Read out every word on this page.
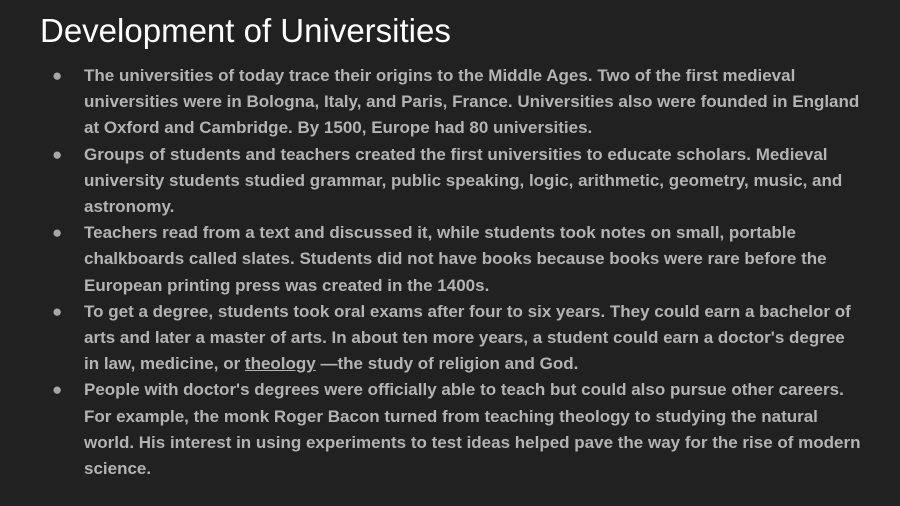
Development of Universities
● The universities of today trace their origins to the Middle Ages. Two of the first medieval universities were in Bologna, Italy, and Paris, France. Universities also were founded in England at Oxford and Cambridge. By 1500, Europe had 80 universities.
● Groups of students and teachers created the first universities to educate scholars. Medieval university students studied grammar, public speaking, logic, arithmetic, geometry, music, and astronomy.
● Teachers read from a text and discussed it, while students took notes on small, portable chalkboards called slates. Students did not have books because books were rare before the European printing press was created in the 1400s.
● To get a degree, students took oral exams after four to six years. They could earn a bachelor of arts and later a master of arts. In about ten more years, a student could earn a doctor's degree in law, medicine, or theology —the study of religion and God.
● People with doctor's degrees were officially able to teach but could also pursue other careers. For example, the monk Roger Bacon turned from teaching theology to studying the natural world. His interest in using experiments to test ideas helped pave the way for the rise of modern science.
